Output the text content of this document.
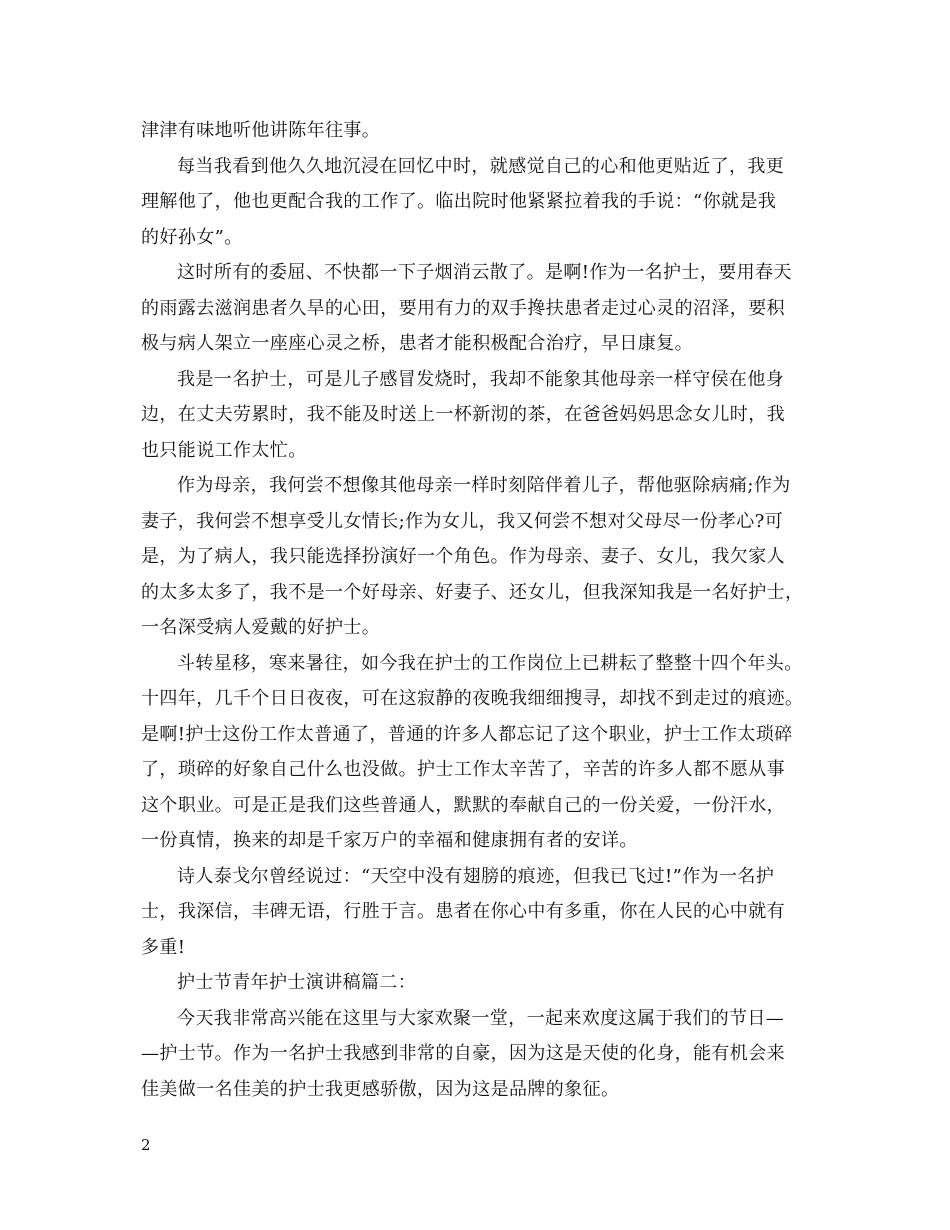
津津有味地听他讲陈年往事。
每当我看到他久久地沉浸在回忆中时，就感觉自己的心和他更贴近了，我更
理解他了，他也更配合我的工作了。临出院时他紧紧拉着我的手说：“你就是我
的好孙女”。
这时所有的委屈、不快都一下子烟消云散了。是啊!作为一名护士，要用春天
的雨露去滋润患者久旱的心田，要用有力的双手搀扶患者走过心灵的沼泽，要积
极与病人架立一座座心灵之桥，患者才能积极配合治疗，早日康复。
我是一名护士，可是儿子感冒发烧时，我却不能象其他母亲一样守侯在他身
边，在丈夫劳累时，我不能及时送上一杯新沏的茶，在爸爸妈妈思念女儿时，我
也只能说工作太忙。
作为母亲，我何尝不想像其他母亲一样时刻陪伴着儿子，帮他驱除病痛;作为
妻子，我何尝不想享受儿女情长;作为女儿，我又何尝不想对父母尽一份孝心?可
是，为了病人，我只能选择扮演好一个角色。作为母亲、妻子、女儿，我欠家人
的太多太多了，我不是一个好母亲、好妻子、还女儿，但我深知我是一名好护士，
一名深受病人爱戴的好护士。
斗转星移，寒来暑往，如今我在护士的工作岗位上已耕耘了整整十四个年头。
十四年，几千个日日夜夜，可在这寂静的夜晚我细细搜寻，却找不到走过的痕迹。
是啊!护士这份工作太普通了，普通的许多人都忘记了这个职业，护士工作太琐碎
了，琐碎的好象自己什么也没做。护士工作太辛苦了，辛苦的许多人都不愿从事
这个职业。可是正是我们这些普通人，默默的奉献自己的一份关爱，一份汗水，
一份真情，换来的却是千家万户的幸福和健康拥有者的安详。
诗人泰戈尔曾经说过：“天空中没有翅膀的痕迹，但我已飞过!”作为一名护
士，我深信，丰碑无语，行胜于言。患者在你心中有多重，你在人民的心中就有
多重!
护士节青年护士演讲稿篇二：
今天我非常高兴能在这里与大家欢聚一堂，一起来欢度这属于我们的节日—
—护士节。作为一名护士我感到非常的自豪，因为这是天使的化身，能有机会来
佳美做一名佳美的护士我更感骄傲，因为这是品牌的象征。
2
